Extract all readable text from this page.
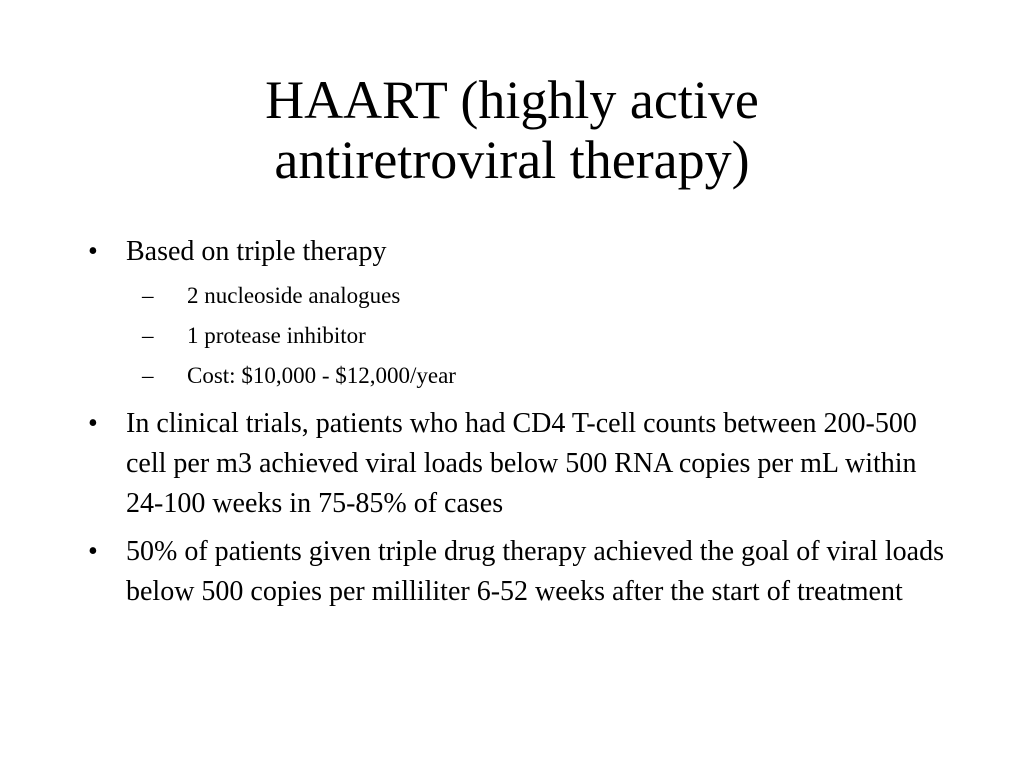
HAART (highly active
antiretroviral therapy)
• Based on triple therapy
– 2 nucleoside analogues
– 1 protease inhibitor
– Cost: $10,000 - $12,000/year
• In clinical trials, patients who had CD4 T-cell counts between 200-500 cell per m3 achieved viral loads below 500 RNA copies per mL within 24-100 weeks in 75-85% of cases
• 50% of patients given triple drug therapy achieved the goal of viral loads below 500 copies per milliliter 6-52 weeks after the start of treatment
